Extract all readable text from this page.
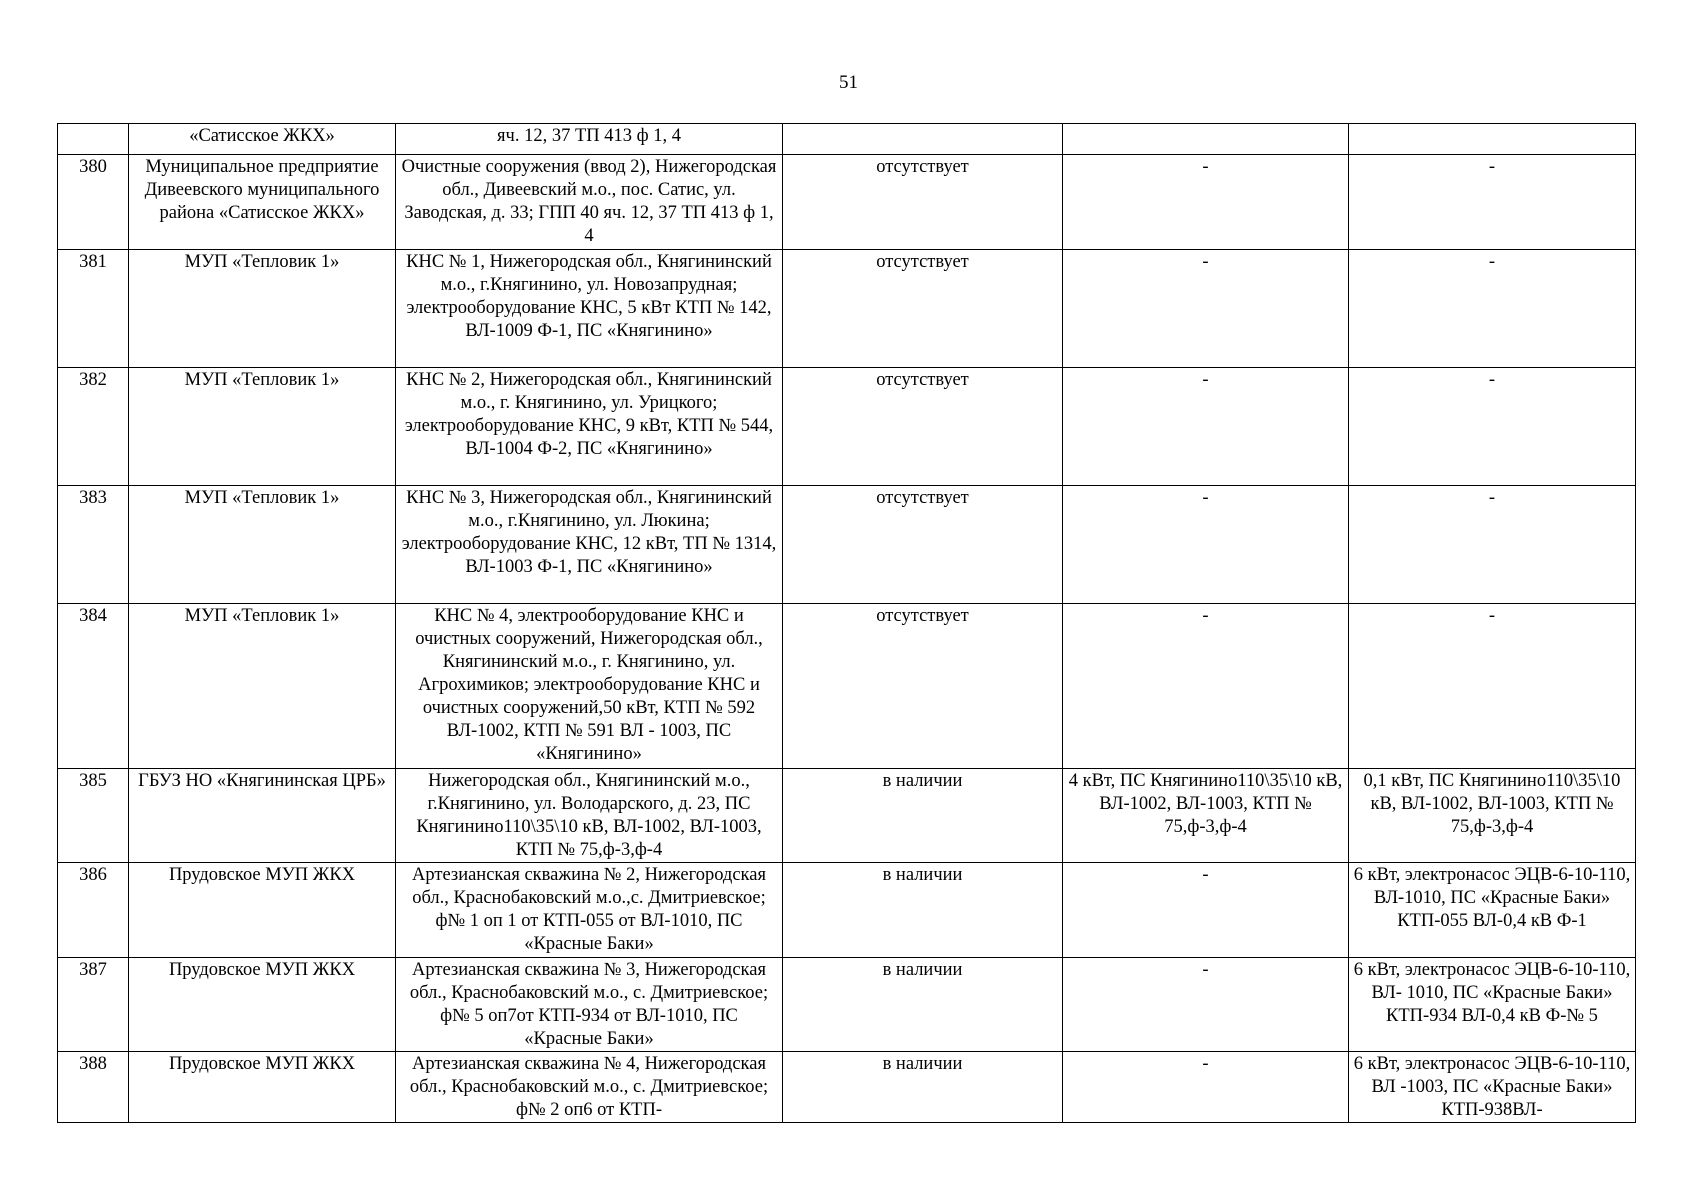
51
	«Сатисское ЖКХ»	яч. 12, 37 ТП 413 ф 1, 4			
380	Муниципальное предприятие Дивеевского муниципального района «Сатисское ЖКХ»	Очистные сооружения (ввод 2), Нижегородская обл., Дивеевский м.о., пос. Сатис, ул. Заводская, д. 33; ГПП 40 яч. 12, 37 ТП 413 ф 1, 4	отсутствует	-	-
381	МУП «Тепловик 1»	КНС № 1, Нижегородская обл., Княгининский м.о., г.Княгинино, ул. Новозапрудная; электрооборудование КНС, 5 кВт КТП № 142, ВЛ-1009 Ф-1, ПС «Княгинино»	отсутствует	-	-
382	МУП «Тепловик 1»	КНС № 2, Нижегородская обл., Княгининский м.о., г. Княгинино, ул. Урицкого; электрооборудование КНС, 9 кВт, КТП № 544, ВЛ-1004 Ф-2, ПС «Княгинино»	отсутствует	-	-
383	МУП «Тепловик 1»	КНС № 3, Нижегородская обл., Княгининский м.о., г.Княгинино, ул. Люкина; электрооборудование КНС, 12 кВт, ТП № 1314, ВЛ-1003 Ф-1, ПС «Княгинино»	отсутствует	-	-
384	МУП «Тепловик 1»	КНС № 4, электрооборудование КНС и очистных сооружений, Нижегородская обл., Княгининский м.о., г. Княгинино, ул. Агрохимиков; электрооборудование КНС и очистных сооружений,50 кВт, КТП № 592 ВЛ-1002, КТП № 591 ВЛ - 1003, ПС «Княгинино»	отсутствует	-	-
385	ГБУЗ НО «Княгининская ЦРБ»	Нижегородская обл., Княгининский м.о., г.Княгинино, ул. Володарского, д. 23, ПС Княгинино110\35\10 кВ, ВЛ-1002, ВЛ-1003, КТП № 75,ф-3,ф-4	в наличии	4 кВт, ПС Княгинино110\35\10 кВ, ВЛ-1002, ВЛ-1003, КТП № 75,ф-3,ф-4	0,1 кВт, ПС Княгинино110\35\10 кВ, ВЛ-1002, ВЛ-1003, КТП № 75,ф-3,ф-4
386	Прудовское МУП ЖКХ	Артезианская скважина № 2, Нижегородская обл., Краснобаковский м.о.,с. Дмитриевское; ф№ 1 оп 1 от КТП-055 от ВЛ-1010, ПС «Красные Баки»	в наличии	-	6 кВт, электронасос ЭЦВ-6-10-110, ВЛ-1010, ПС «Красные Баки» КТП-055 ВЛ-0,4 кВ Ф-1
387	Прудовское МУП ЖКХ	Артезианская скважина № 3, Нижегородская обл., Краснобаковский м.о., с. Дмитриевское; ф№ 5 оп7от КТП-934 от ВЛ-1010, ПС «Красные Баки»	в наличии	-	6 кВт, электронасос ЭЦВ-6-10-110, ВЛ- 1010, ПС «Красные Баки» КТП-934 ВЛ-0,4 кВ Ф-№ 5
388	Прудовское МУП ЖКХ	Артезианская скважина № 4, Нижегородская обл., Краснобаковский м.о., с. Дмитриевское; ф№ 2 оп6 от КТП-	в наличии	-	6 кВт, электронасос ЭЦВ-6-10-110, ВЛ -1003, ПС «Красные Баки» КТП-938ВЛ-
